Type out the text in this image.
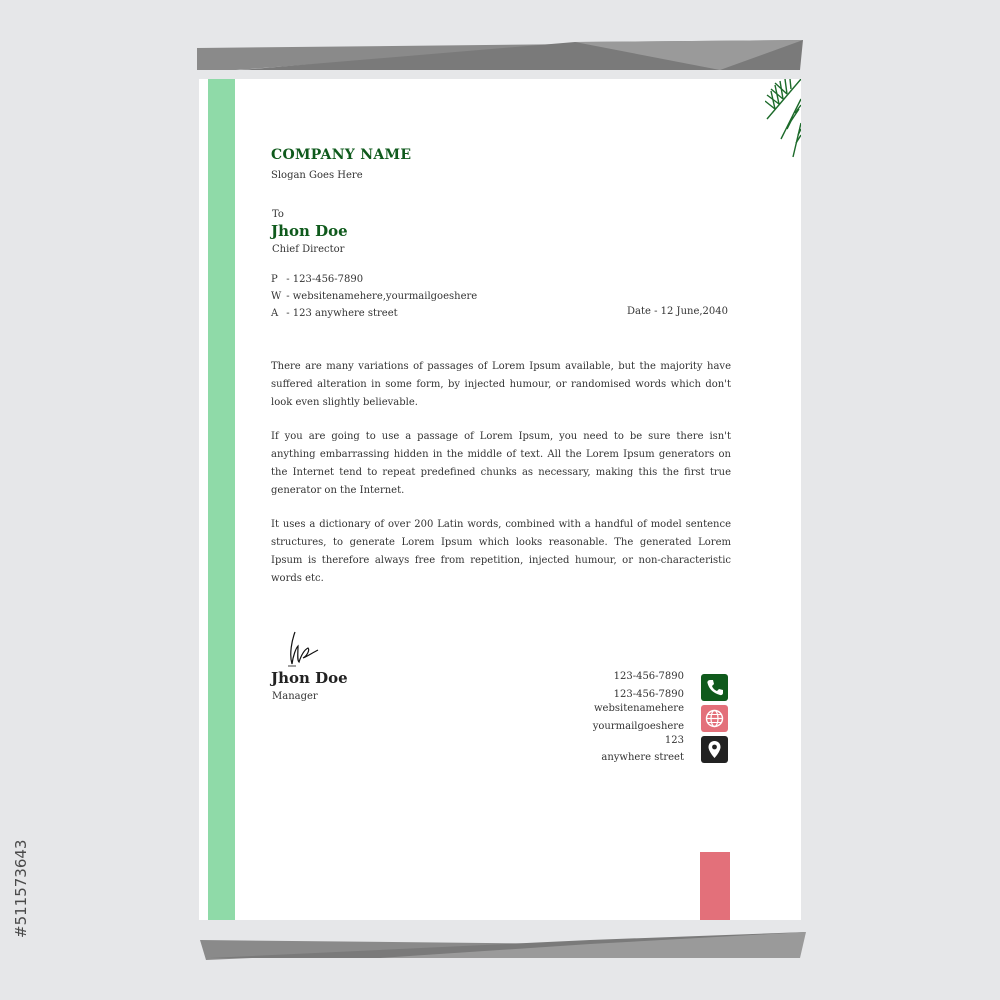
COMPANY NAME
Slogan Goes Here
To
Jhon Doe
Chief Director
P - 123-456-7890
W - websitenamehere,yourmailgoeshere
A - 123 anywhere street	Date - 12 June,2040

There are many variations of passages of Lorem Ipsum available, but the majority have suffered alteration in some form, by injected humour, or randomised words which don't look even slightly believable.

If you are going to use a passage of Lorem Ipsum, you need to be sure there isn't anything embarrassing hidden in the middle of text. All the Lorem Ipsum generators on the Internet tend to repeat predefined chunks as necessary, making this the first true generator on the Internet.

It uses a dictionary of over 200 Latin words, combined with a handful of model sentence structures, to generate Lorem Ipsum which looks reasonable. The generated Lorem Ipsum is therefore always free from repetition, injected humour, or non-characteristic words etc.

Jhon Doe
Manager
123-456-7890
123-456-7890
websitenamehere
yourmailgoeshere
123
anywhere street
#511573643
